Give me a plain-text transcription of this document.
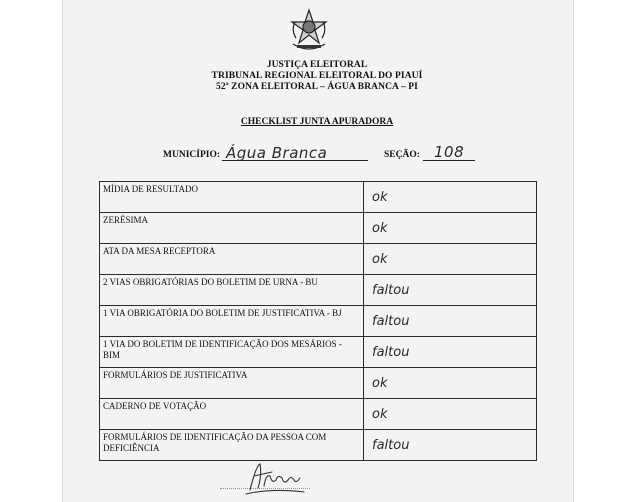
JUSTIÇA ELEITORAL
TRIBUNAL REGIONAL ELEITORAL DO PIAUÍ
52ª ZONA ELEITORAL – ÁGUA BRANCA – PI
CHECKLIST JUNTA APURADORA
MUNICÍPIO: Água Branca	SEÇÃO: 108
MÍDIA DE RESULTADO	ok

ZERÉSIMA	ok

ATA DA MESA RECEPTORA	ok

2 VIAS OBRIGATÓRIAS DO BOLETIM DE URNA - BU	faltou

1 VIA OBRIGATÓRIA DO BOLETIM DE JUSTIFICATIVA - BJ	faltou

1 VIA DO BOLETIM DE IDENTIFICAÇÃO DOS MESÁRIOS - BIM	faltou

FORMULÁRIOS DE JUSTIFICATIVA	ok

CADERNO DE VOTAÇÃO	ok

FORMULÁRIOS DE IDENTIFICAÇÃO DA PESSOA COM DEFICIÊNCIA	faltou
